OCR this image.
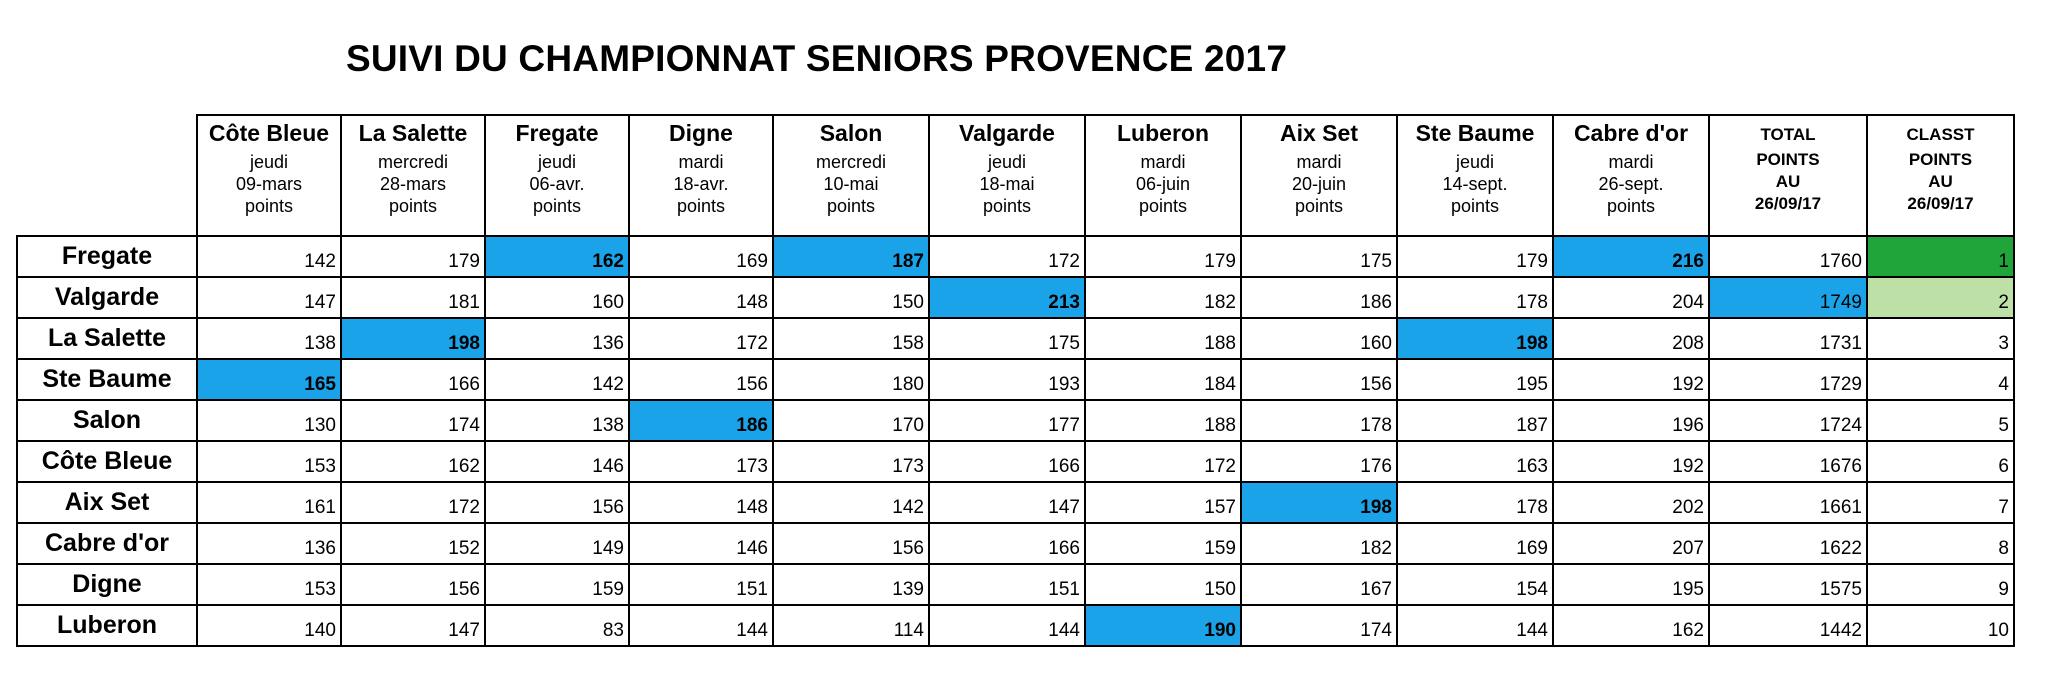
SUIVI DU CHAMPIONNAT SENIORS PROVENCE 2017

	Côte Bleue
jeudi
09-mars
points	La Salette
mercredi
28-mars
points	Fregate
jeudi
06-avr.
points	Digne
mardi
18-avr.
points	Salon
mercredi
10-mai
points	Valgarde
jeudi
18-mai
points	Luberon
mardi
06-juin
points	Aix Set
mardi
20-juin
points	Ste Baume
jeudi
14-sept.
points	Cabre d'or
mardi
26-sept.
points	TOTAL
POINTS
AU
26/09/17	CLASST
POINTS
AU
26/09/17

Fregate	142	179	162	169	187	172	179	175	179	216	1760	1
Valgarde	147	181	160	148	150	213	182	186	178	204	1749	2
La Salette	138	198	136	172	158	175	188	160	198	208	1731	3
Ste Baume	165	166	142	156	180	193	184	156	195	192	1729	4
Salon	130	174	138	186	170	177	188	178	187	196	1724	5
Côte Bleue	153	162	146	173	173	166	172	176	163	192	1676	6
Aix Set	161	172	156	148	142	147	157	198	178	202	1661	7
Cabre d'or	136	152	149	146	156	166	159	182	169	207	1622	8
Digne	153	156	159	151	139	151	150	167	154	195	1575	9
Luberon	140	147	83	144	114	144	190	174	144	162	1442	10
